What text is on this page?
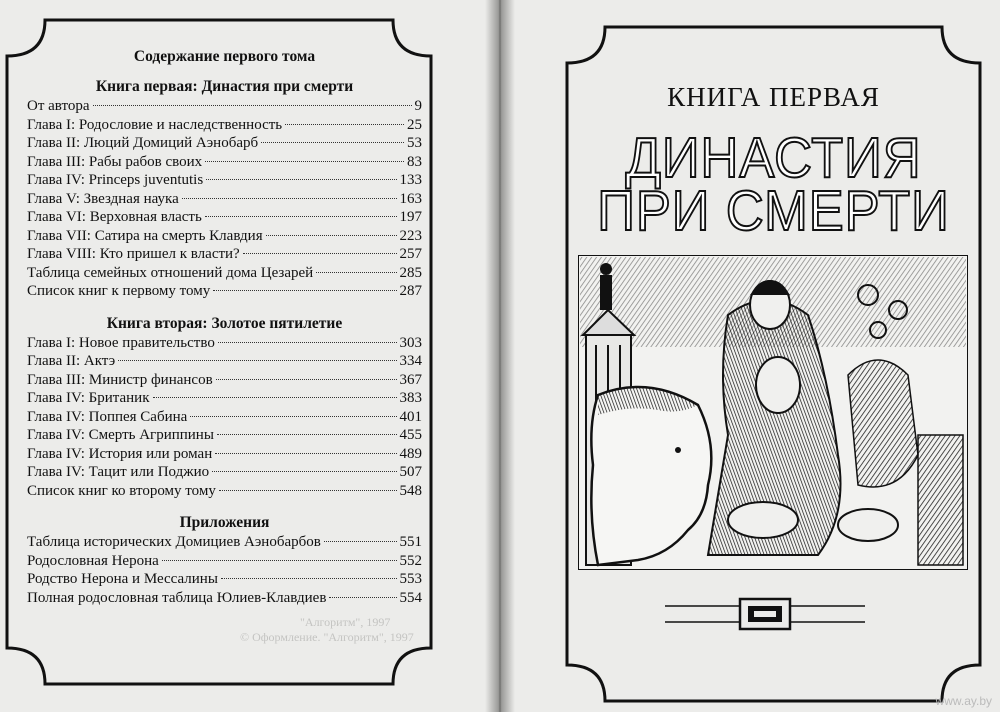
"Алгоритм", 1997
© Оформление. "Алгоритм", 1997
Содержание первого тома
Книга первая: Династия при смерти
От автора	9
Глава I: Родословие и наследственность	25
Глава II: Люций Домиций Аэнобарб	53
Глава III: Рабы рабов своих	83
Глава IV: Princeps juventutis	133
Глава V: Звездная наука	163
Глава VI: Верховная власть	197
Глава VII: Сатира на смерть Клавдия	223
Глава VIII: Кто пришел к власти?	257
Таблица семейных отношений дома Цезарей	285
Список книг к первому тому	287
Книга вторая: Золотое пятилетие
Глава I: Новое правительство	303
Глава II: Актэ	334
Глава III: Министр финансов	367
Глава IV: Британик	383
Глава IV: Поппея Сабина	401
Глава IV: Смерть Агриппины	455
Глава IV: История или роман	489
Глава IV: Тацит или Поджио	507
Список книг ко второму тому	548
Приложения
Таблица исторических Домициев Аэнобарбов	551
Родословная Нерона	552
Родство Нерона и Мессалины	553
Полная родословная таблица Юлиев-Клавдиев	554
КНИГА ПЕРВАЯ
ДИНАСТИЯ
ПРИ СМЕРТИ
www.ay.by
